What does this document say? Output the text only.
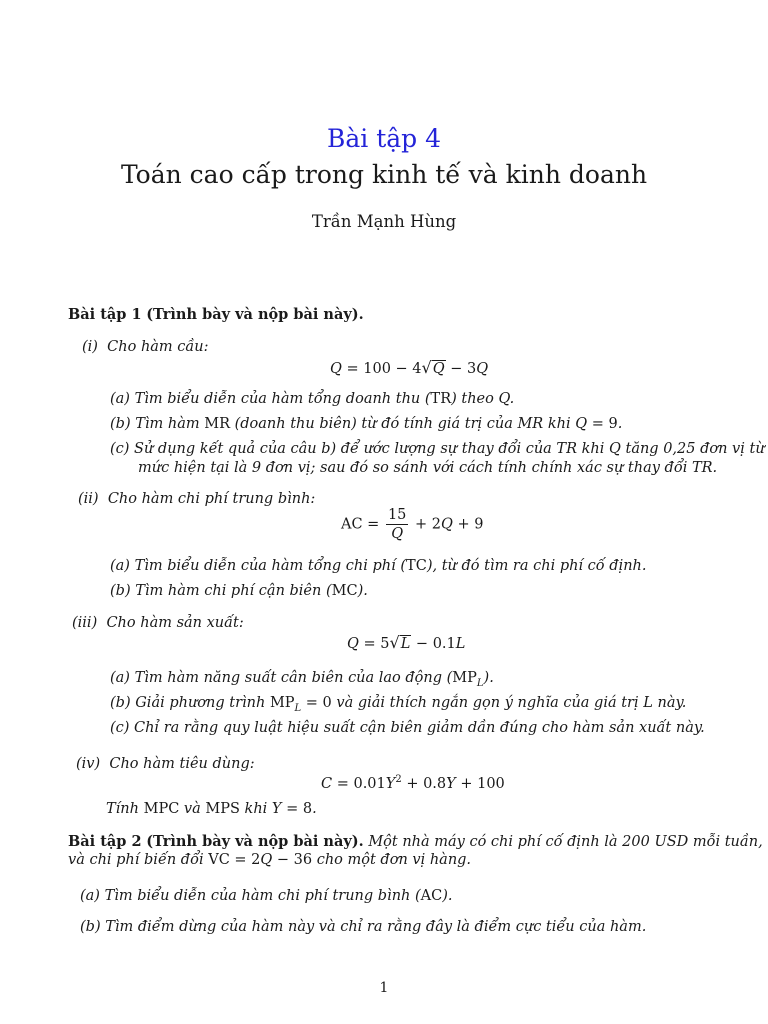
Bài tập 4
Toán cao cấp trong kinh tế và kinh doanh
Trần Mạnh Hùng
Bài tập 1 (Trình bày và nộp bài này).
(i) Cho hàm cầu:
Q = 100 − 4√Q − 3Q
(a) Tìm biểu diễn của hàm tổng doanh thu (TR) theo Q.
(b) Tìm hàm MR (doanh thu biên) từ đó tính giá trị của MR khi Q = 9.
(c) Sử dụng kết quả của câu b) để ước lượng sự thay đổi của TR khi Q tăng 0,25 đơn vị từ
mức hiện tại là 9 đơn vị; sau đó so sánh với cách tính chính xác sự thay đổi TR.
(ii) Cho hàm chi phí trung bình:
AC = $\frac{15}{Q} + 2Q + 9$
(a) Tìm biểu diễn của hàm tổng chi phí (TC), từ đó tìm ra chi phí cố định.
(b) Tìm hàm chi phí cận biên (MC).
(iii) Cho hàm sản xuất:
Q = 5√L − 0.1L
(a) Tìm hàm năng suất cân biên của lao động $(MP_L)$.
(b) Giải phương trình $MP_L = 0$ và giải thích ngắn gọn ý nghĩa của giá trị L này.
(c) Chỉ ra rằng quy luật hiệu suất cận biên giảm dần đúng cho hàm sản xuất này.
(iv) Cho hàm tiêu dùng:
$C = 0.01Y^2 + 0.8Y + 100$
Tính MPC và MPS khi Y = 8.
Bài tập 2 (Trình bày và nộp bài này). Một nhà máy có chi phí cố định là 200 USD mỗi tuần,
và chi phí biến đổi VC = 2Q − 36 cho một đơn vị hàng.
(a) Tìm biểu diễn của hàm chi phí trung bình (AC).
(b) Tìm điểm dừng của hàm này và chỉ ra rằng đây là điểm cực tiểu của hàm.
1
